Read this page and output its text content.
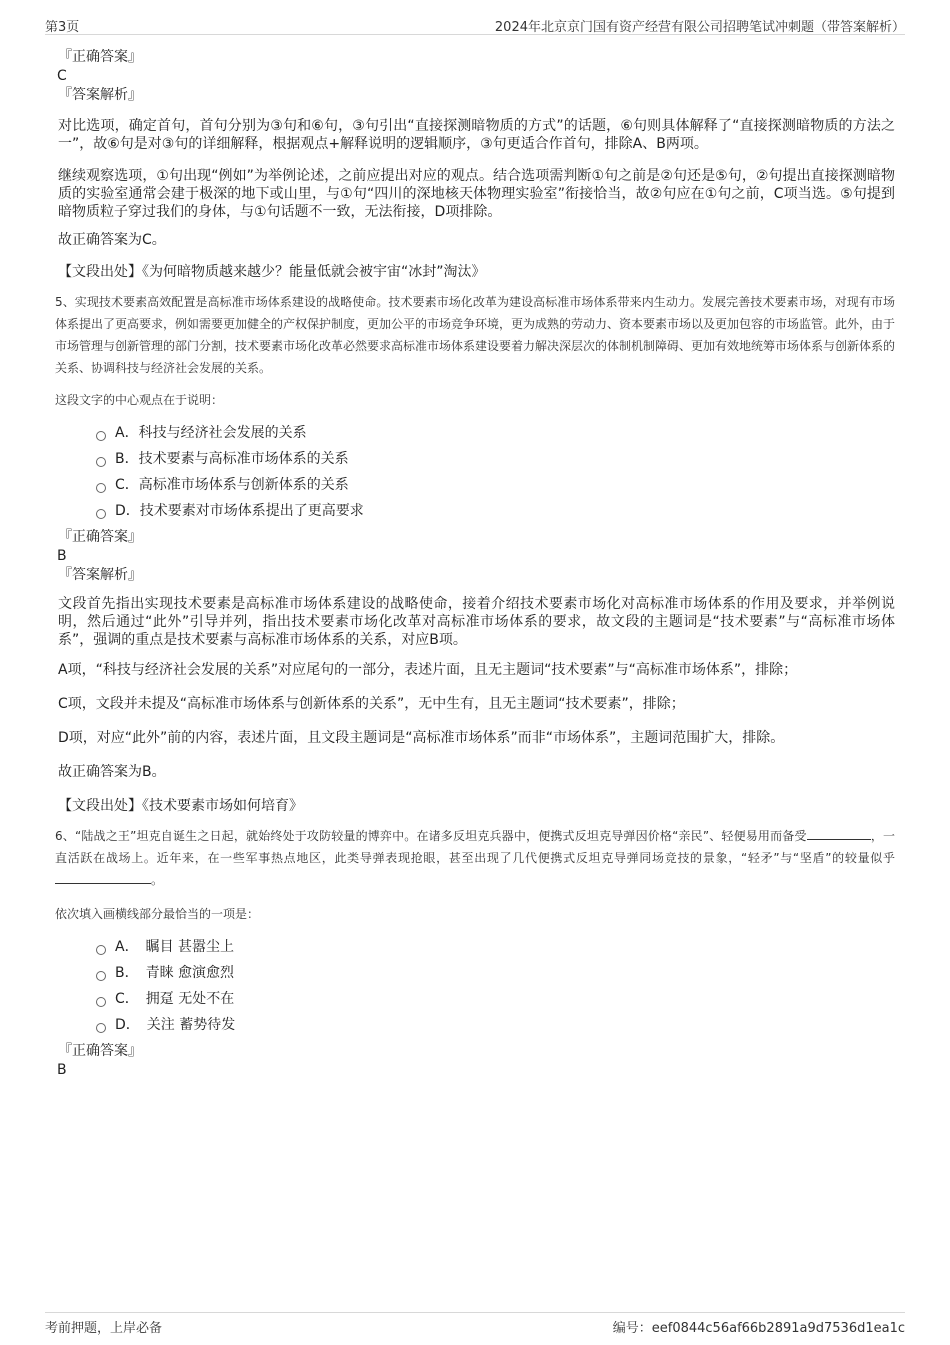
第3页	2024年北京京门国有资产经营有限公司招聘笔试冲刺题（带答案解析）
『正确答案』
C
『答案解析』

对比选项，确定首句，首句分别为③句和⑥句，③句引出“直接探测暗物质的方式”的话题，⑥句则具体解释了“直接探测暗物质的方法之一”，故⑥句是对③句的详细解释，根据观点+解释说明的逻辑顺序，③句更适合作首句，排除A、B两项。

继续观察选项，①句出现“例如”为举例论述，之前应提出对应的观点。结合选项需判断①句之前是②句还是⑤句，②句提出直接探测暗物质的实验室通常会建于极深的地下或山里，与①句“四川的深地核天体物理实验室”衔接恰当，故②句应在①句之前，C项当选。⑤句提到暗物质粒子穿过我们的身体，与①句话题不一致，无法衔接，D项排除。

故正确答案为C。

【文段出处】《为何暗物质越来越少？能量低就会被宇宙“冰封”淘汰》
5、实现技术要素高效配置是高标准市场体系建设的战略使命。技术要素市场化改革为建设高标准市场体系带来内生动力。发展完善技术要素市场，对现有市场体系提出了更高要求，例如需要更加健全的产权保护制度，更加公平的市场竞争环境，更为成熟的劳动力、资本要素市场以及更加包容的市场监管。此外，由于市场管理与创新管理的部门分割，技术要素市场化改革必然要求高标准市场体系建设要着力解决深层次的体制机制障碍、更加有效地统筹市场体系与创新体系的关系、协调科技与经济社会发展的关系。
这段文字的中心观点在于说明：
A．科技与经济社会发展的关系
B．技术要素与高标准市场体系的关系
C．高标准市场体系与创新体系的关系
D．技术要素对市场体系提出了更高要求
『正确答案』
B
『答案解析』

文段首先指出实现技术要素是高标准市场体系建设的战略使命，接着介绍技术要素市场化对高标准市场体系的作用及要求，并举例说明，然后通过“此外”引导并列，指出技术要素市场化改革对高标准市场体系的要求，故文段的主题词是“技术要素”与“高标准市场体系”，强调的重点是技术要素与高标准市场体系的关系，对应B项。

A项，“科技与经济社会发展的关系”对应尾句的一部分，表述片面，且无主题词“技术要素”与“高标准市场体系”，排除；

C项，文段并未提及“高标准市场体系与创新体系的关系”，无中生有，且无主题词“技术要素”，排除；

D项，对应“此外”前的内容，表述片面，且文段主题词是“高标准市场体系”而非“市场体系”，主题词范围扩大，排除。

故正确答案为B。

【文段出处】《技术要素市场如何培育》
6、“陆战之王”坦克自诞生之日起，就始终处于攻防较量的博弈中。在诸多反坦克兵器中，便携式反坦克导弹因价格“亲民”、轻便易用而备受	，一直活跃在战场上。近年来，在一些军事热点地区，此类导弹表现抢眼，甚至出现了几代便携式反坦克导弹同场竞技的景象，“轻矛”与“坚盾”的较量似乎。
依次填入画横线部分最恰当的一项是：
A．　瞩目 甚嚣尘上
B．　青睐 愈演愈烈
C．　拥趸 无处不在
D．　关注 蓄势待发
『正确答案』
B
考前押题，上岸必备	编号：eef0844c56af66b2891a9d7536d1ea1c
